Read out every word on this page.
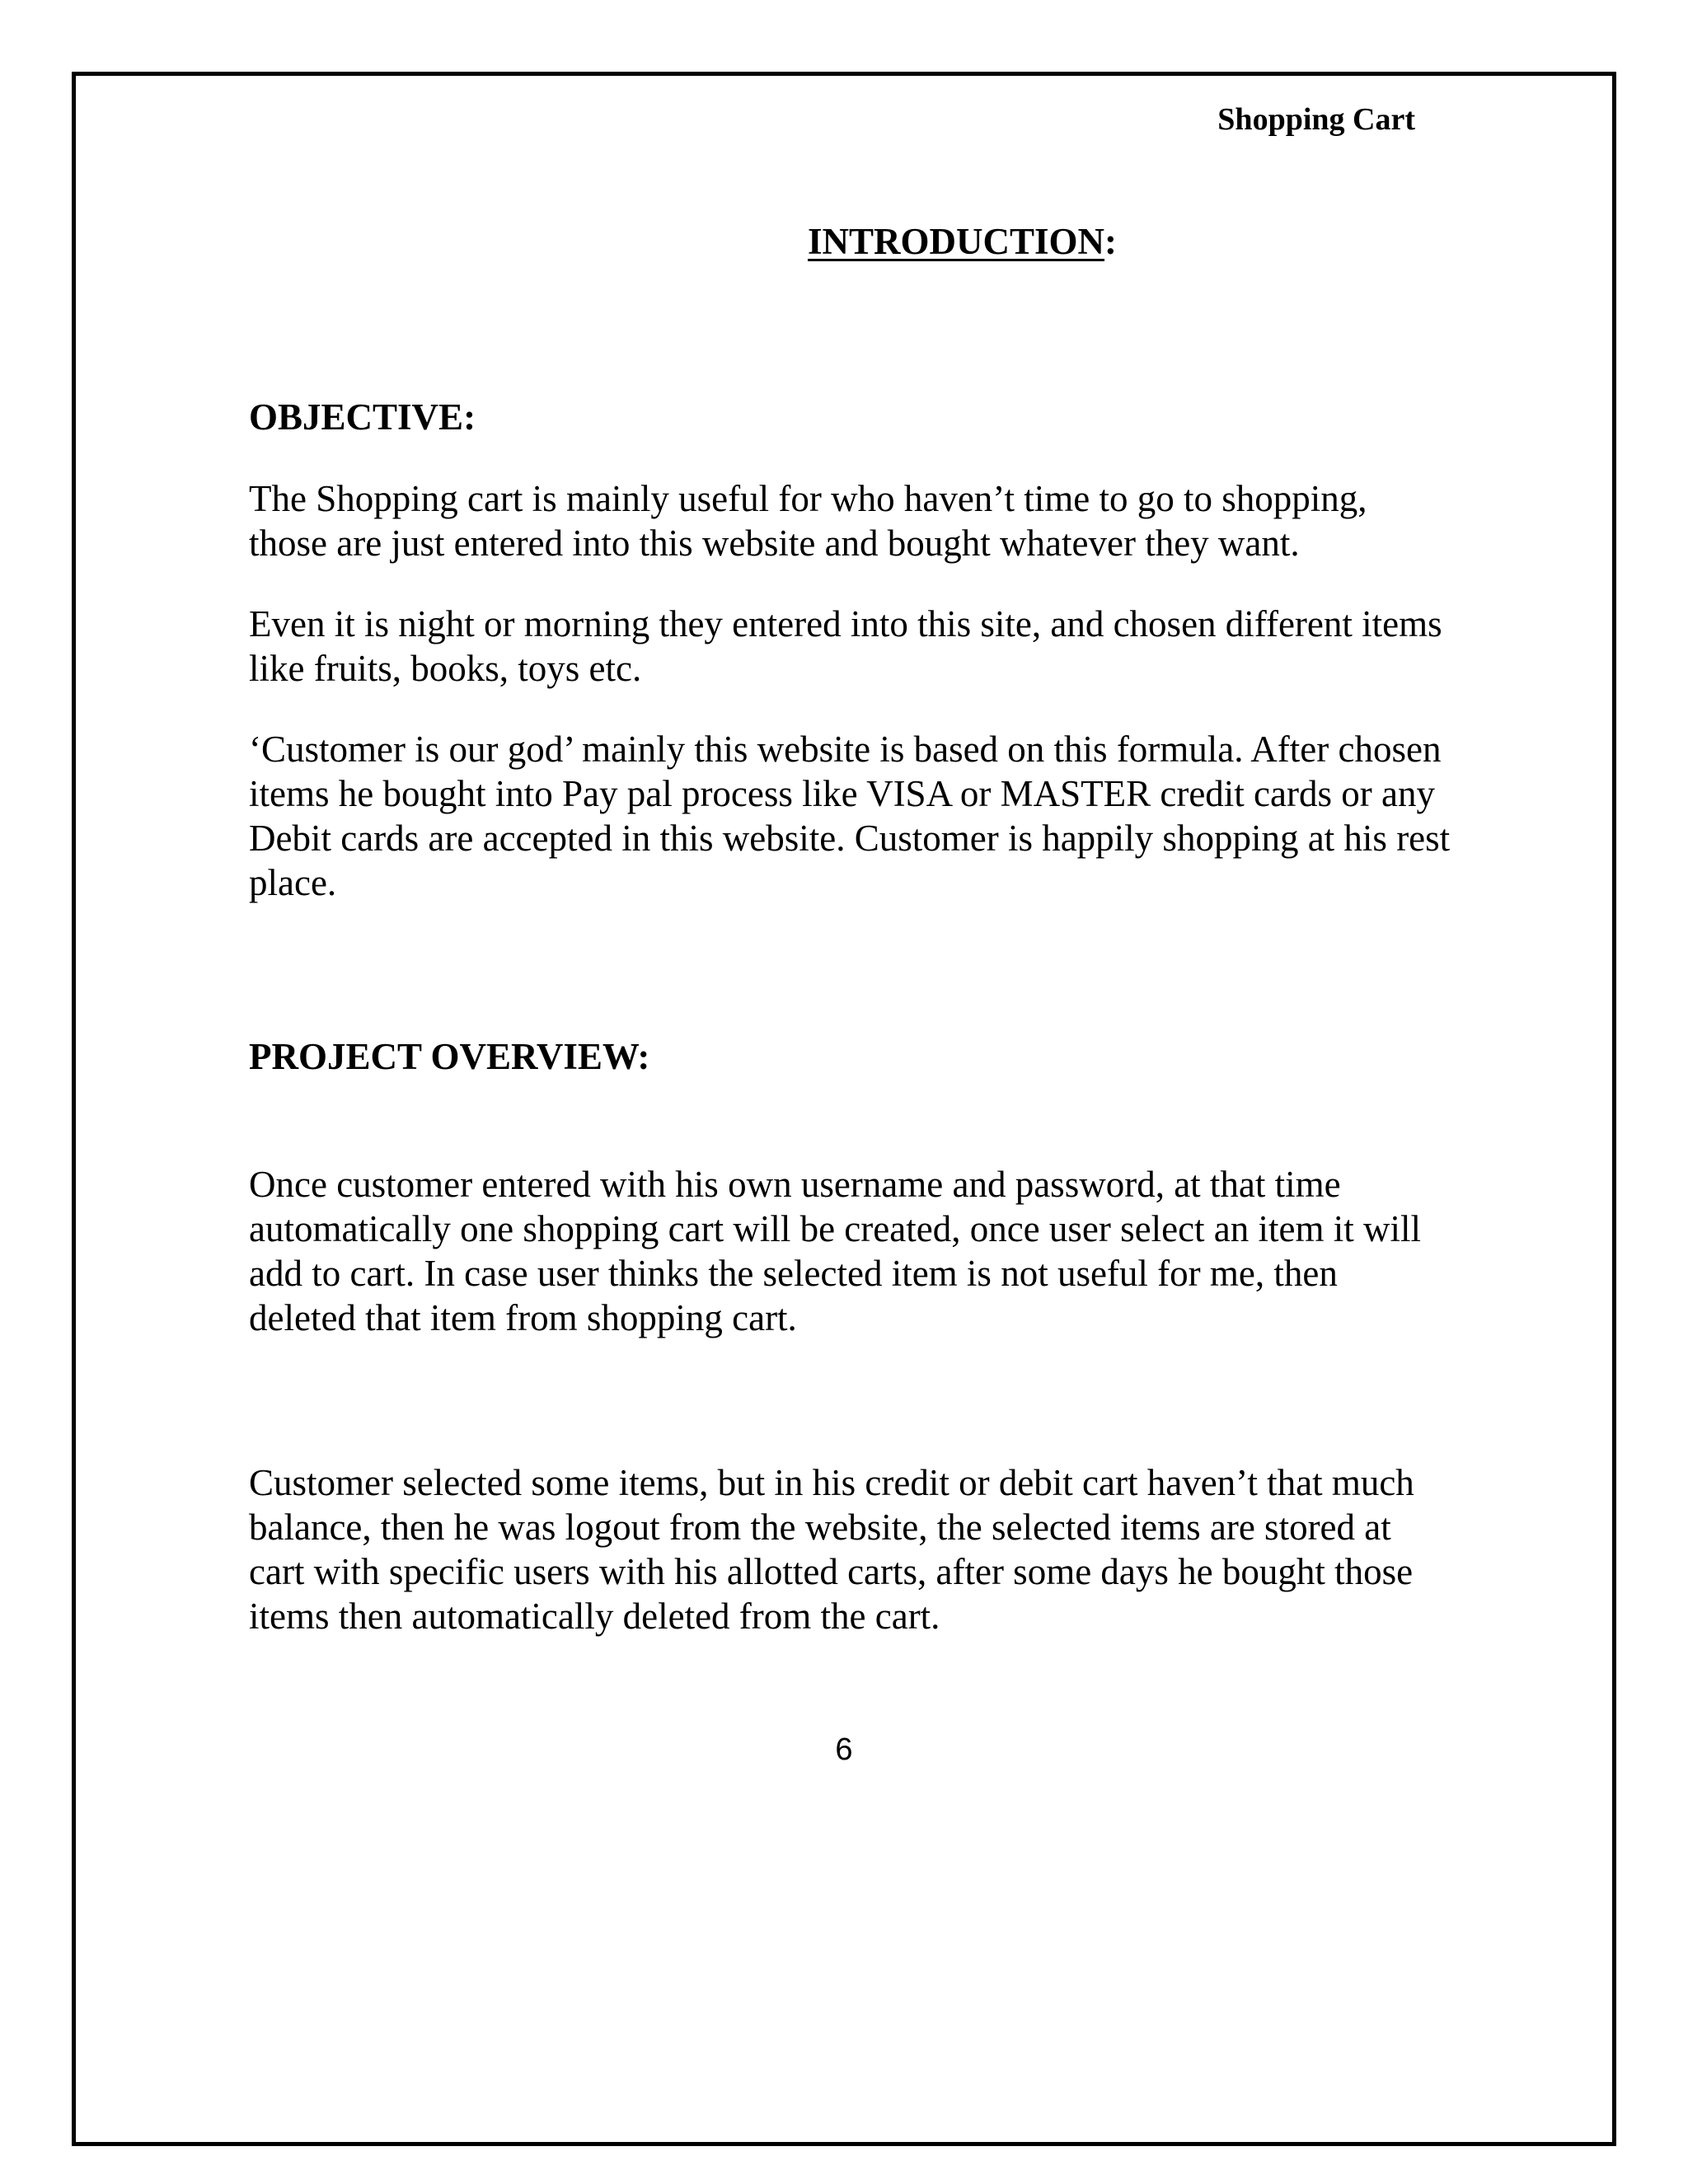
Shopping Cart
INTRODUCTION:
OBJECTIVE:

The Shopping cart is mainly useful for who haven’t time to go to shopping, those are just entered into this website and bought whatever they want.

Even it is night or morning they entered into this site, and chosen different items like fruits, books, toys etc.

‘Customer is our god’ mainly this website is based on this formula. After chosen items he bought into Pay pal process like VISA or MASTER credit cards or any Debit cards are accepted in this website. Customer is happily shopping at his rest place.

PROJECT OVERVIEW:

Once customer entered with his own username and password, at that time automatically one shopping cart will be created, once user select an item it will add to cart. In case user thinks the selected item is not useful for me, then deleted that item from shopping cart.

Customer selected some items, but in his credit or debit cart haven’t that much balance, then he was logout from the website, the selected items are stored at cart with specific users with his allotted carts, after some days he bought those items then automatically deleted from the cart.

6
